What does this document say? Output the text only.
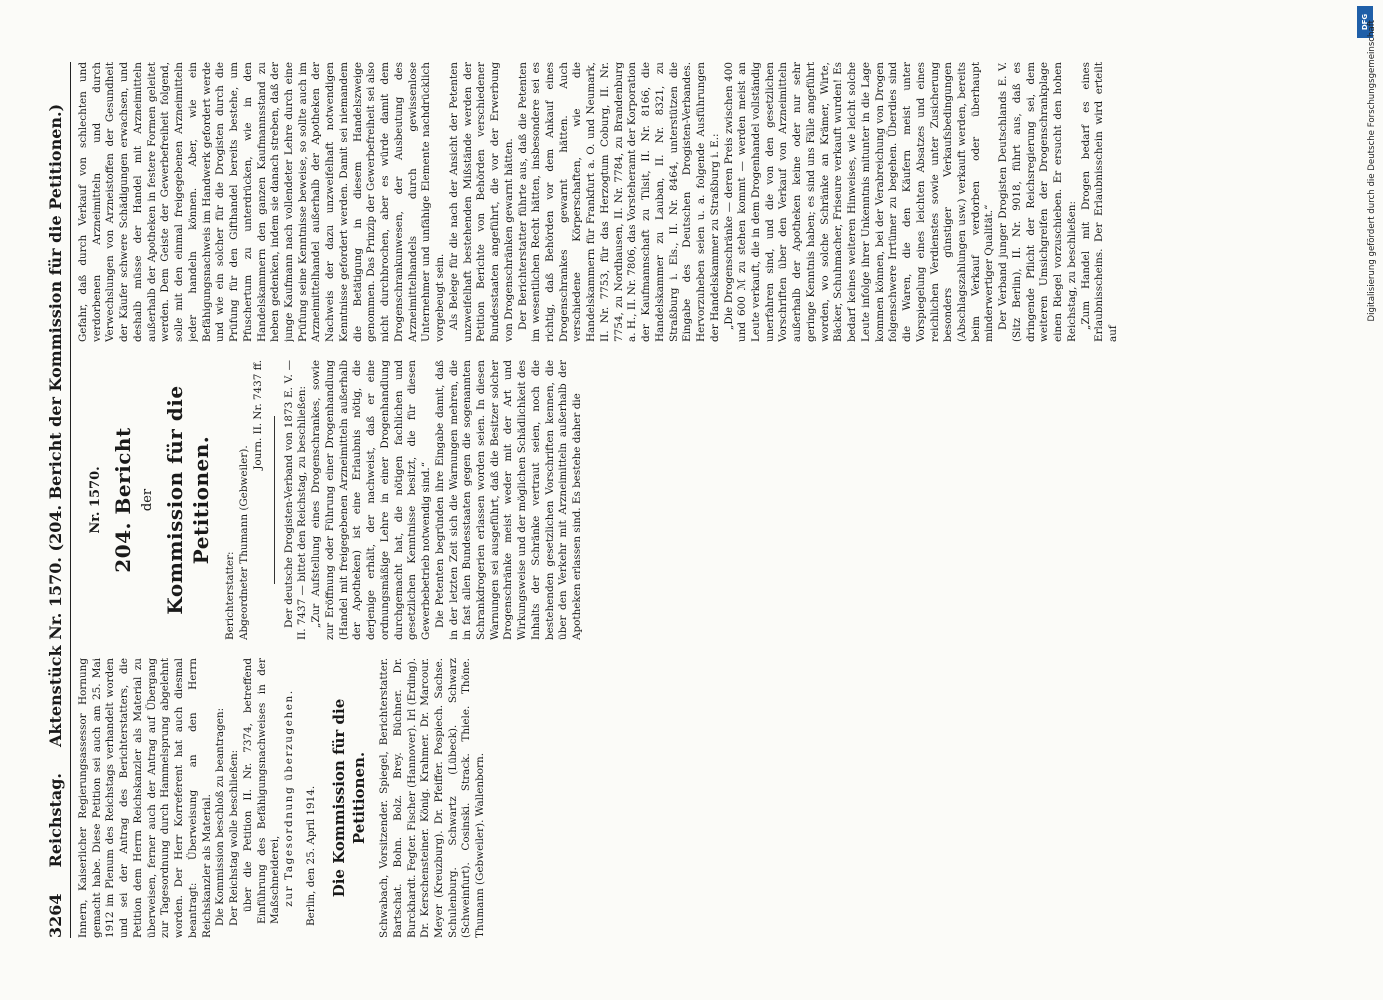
3264
Reichstag.
Aktenstück Nr. 1570. (204. Bericht der Kommission für die Petitionen.)

Innern, Kaiserlicher Regierungsassessor Hornung gemacht habe. Diese Petition sei auch am 25. Mai 1912 im Plenum des Reichstags verhandelt worden und sei der Antrag des Berichterstatters, die Petition dem Herrn Reichskanzler als Material zu überweisen, ferner auch der Antrag auf Übergang zur Tagesordnung durch Hammelsprung abgelehnt worden. Der Herr Korreferent hat auch diesmal beantragt: Überweisung an den Herrn Reichskanzler als Material. Die Kommission beschloß zu beantragen: Der Reichstag wolle beschließen: über die Petition II. Nr. 7374, betreffend Einführung des Befähigungsnachweises in der Maßschneiderei, zur Tagesordnung überzugehen. Berlin, den 25. April 1914. Die Kommission für die Petitionen. Schwabach, Vorsitzender. Spiegel, Berichterstatter. Bartschat. Bohn. Bolz. Brey. Büchner. Dr. Burckhardt. Fegter. Fischer (Hannover). Irl (Erding). Dr. Kerschensteiner. König. Krahmer. Dr. Marcour. Meyer (Kreuzburg). Dr. Pfeiffer. Pospiech. Sachse. Schulenburg. Schwartz (Lübeck). Schwarz (Schweinfurt). Cosinski. Strack. Thiele. Thöne. Thumann (Gebweiler). Wallenborn.

Nr. 1570. 204. Bericht der Kommission für die Petitionen.

Berichterstatter: Abgeordneter Thumann (Gebweiler).

Journ. II. Nr. 7437 ff. Der deutsche Drogisten-Verband von 1873 E. V. — II. 7437 — bittet den Reichstag, zu beschließen: „Zur Aufstellung eines Drogenschrankes, sowie zur Eröffnung oder Führung einer Drogenhandlung (Handel mit freigegebenen Arzneimitteln außerhalb der Apotheken) ist eine Erlaubnis nötig, die derjenige erhält, der nachweist, daß er eine ordnungsmäßige Lehre in einer Drogenhandlung durchgemacht hat, die nötigen fachlichen und gesetzlichen Kenntnisse besitzt, die für diesen Gewerbebetrieb notwendig sind.“ Die Petenten begründen ihre Eingabe damit, daß in der letzten Zeit sich die Warnungen mehren, die in fast allen Bundesstaaten gegen die sogenannten Schrankdrogerien erlassen worden seien. In diesen Warnungen sei ausgeführt, daß die Besitzer solcher Drogenschränke meist weder mit der Art und Wirkungsweise und der möglichen Schädlichkeit des Inhalts der Schränke vertraut seien, noch die bestehenden gesetzlichen Vorschriften kennen, die über den Verkehr mit Arzneimitteln außerhalb der Apotheken erlassen sind. Es bestehe daher die

Gefahr, daß durch Verkauf von schlechten und verdorbenen Arzneimitteln und durch Verwechslungen von Arzneistoffen der Gesundheit der Käufer schwere Schädigungen erwachsen, und deshalb müsse der Handel mit Arzneimitteln außerhalb der Apotheken in festere Formen geleitet werden. Dem Geiste der Gewerbefreiheit folgend, solle mit den einmal freigegebenen Arzneimitteln jeder handeln können. Aber, wie ein Befähigungsnachweis im Handwerk gefordert werde und wie ein solcher für die Drogisten durch die Prüfung für den Gifthandel bereits bestehe, um Pfuschertum zu unterdrücken, wie in den Handelskammern den ganzen Kaufmannsstand zu heben gedenken, indem sie danach streben, daß der junge Kaufmann nach vollendeter Lehre durch eine Prüfung seine Kenntnisse beweise, so sollte auch im Arzneimittelhandel außerhalb der Apotheken der Nachweis der dazu unzweifelhaft notwendigen Kenntnisse gefordert werden. Damit sei niemandem die Betätigung in diesem Handelszweige genommen. Das Prinzip der Gewerbefreiheit sei also nicht durchbrochen, aber es würde damit dem Drogenschrankunwesen, der Ausbeutung des Arzneimittelhandels durch gewissenlose Unternehmer und unfähige Elemente nachdrücklich vorgebeugt sein. Als Belege für die nach der Ansicht der Petenten unzweifelhaft bestehenden Mißstände werden der Petition Berichte von Behörden verschiedener Bundesstaaten angeführt, die vor der Erwerbung von Drogenschränken gewarnt hätten. Der Berichterstatter führte aus, daß die Petenten im wesentlichen Recht hätten, insbesondere sei es richtig, daß Behörden vor dem Ankauf eines Drogenschrankes gewarnt hätten. Auch verschiedene Körperschaften, wie die Handelskammern für Frankfurt a. O. und Neumark, II. Nr. 7753, für das Herzogtum Coburg, II. Nr. 7754, zu Nordhausen, II. Nr. 7784, zu Brandenburg a. H., II. Nr. 7806, das Vorsteheramt der Korporation der Kaufmannschaft zu Tilsit, II. Nr. 8166, die Handelskammer zu Lauban, II. Nr. 8321, zu Straßburg i. Els., II. Nr. 8464, unterstützen die Eingabe des Deutschen Drogisten-Verbandes. Hervorzuheben seien u. a. folgende Ausführungen der Handelskammer zu Straßburg i. E.: „Die Drogenschränke — deren Preis zwischen 400 und 600 ℳ zu stehen kommt — werden meist an Leute verkauft, die in dem Drogenhandel vollständig unerfahren sind, und die von den gesetzlichen Vorschriften über den Verkauf von Arzneimitteln außerhalb der Apotheken keine oder nur sehr geringe Kenntnis haben; es sind uns Fälle angeführt worden, wo solche Schränke an Krämer, Wirte, Bäcker, Schuhmacher, Friseure verkauft wurden! Es bedarf keines weiteren Hinweises, wie leicht solche Leute infolge ihrer Unkenntnis mitunter in die Lage kommen können, bei der Verabreichung von Drogen folgenschwere Irrtümer zu begehen. Überdies sind die Waren, die den Käufern meist unter Vorspiegelung eines leichten Absatzes und eines reichlichen Verdienstes sowie unter Zusicherung besonders günstiger Verkaufsbedingungen (Abschlagszahlungen usw.) verkauft werden, bereits beim Verkauf verdorben oder überhaupt minderwertiger Qualität.“ Der Verband junger Drogisten Deutschlands E. V. (Sitz Berlin), II. Nr. 9018, führt aus, daß es dringende Pflicht der Reichsregierung sei, dem weiteren Umsichgreifen der Drogenschrankplage einen Riegel vorzuschieben. Er ersucht den hohen Reichstag, zu beschließen: „Zum Handel mit Drogen bedarf es eines Erlaubnisscheins. Der Erlaubnisschein wird erteilt auf

DFG
Digitalisierung gefördert durch die Deutsche Forschungsgemeinschaft
